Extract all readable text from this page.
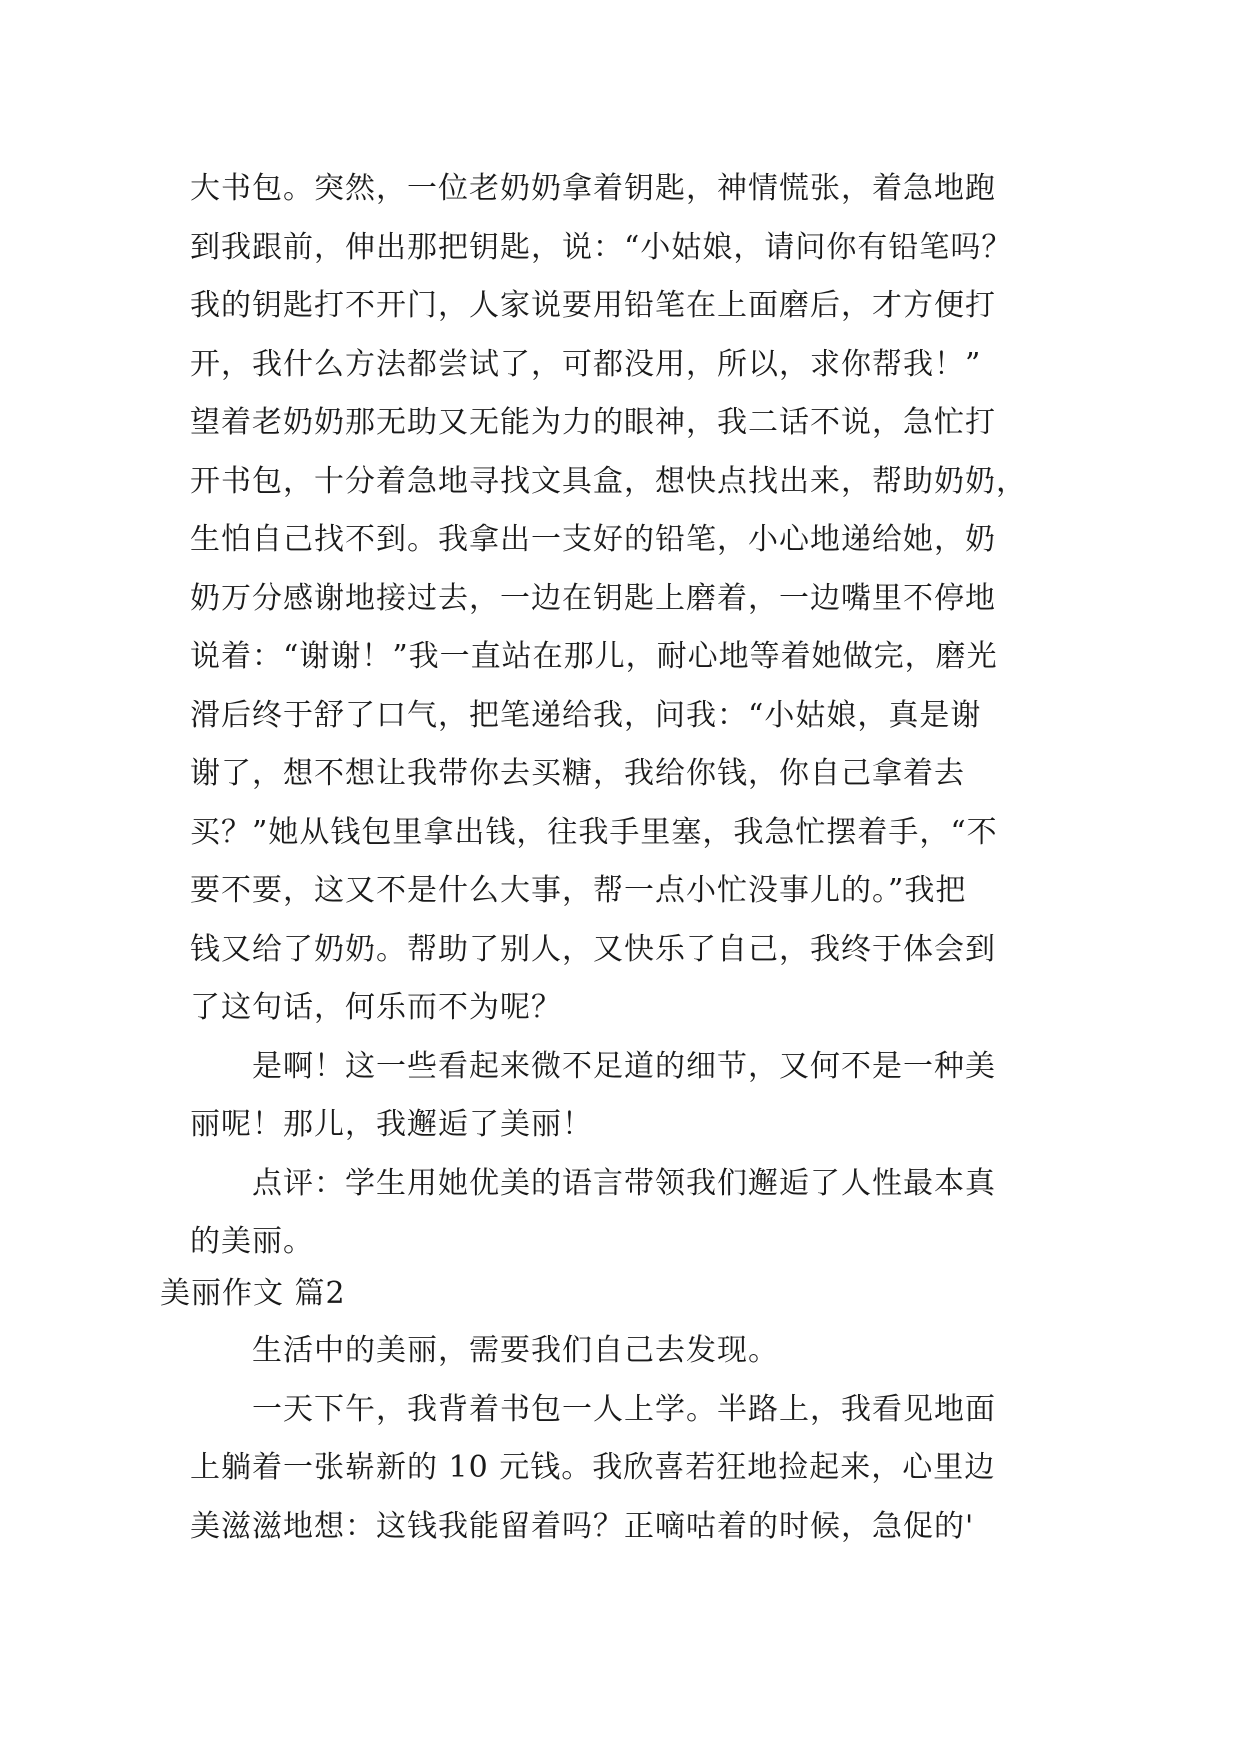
大书包。突然，一位老奶奶拿着钥匙，神情慌张，着急地跑
到我跟前，伸出那把钥匙，说：“小姑娘，请问你有铅笔吗？
我的钥匙打不开门，人家说要用铅笔在上面磨后，才方便打
开，我什么方法都尝试了，可都没用，所以，求你帮我！”
望着老奶奶那无助又无能为力的眼神，我二话不说，急忙打
开书包，十分着急地寻找文具盒，想快点找出来，帮助奶奶，
生怕自己找不到。我拿出一支好的铅笔，小心地递给她，奶
奶万分感谢地接过去，一边在钥匙上磨着，一边嘴里不停地
说着：“谢谢！”我一直站在那儿，耐心地等着她做完，磨光
滑后终于舒了口气，把笔递给我，问我：“小姑娘，真是谢
谢了，想不想让我带你去买糖，我给你钱，你自己拿着去
买？”她从钱包里拿出钱，往我手里塞，我急忙摆着手，“不
要不要，这又不是什么大事，帮一点小忙没事儿的。”我把
钱又给了奶奶。帮助了别人，又快乐了自己，我终于体会到
了这句话，何乐而不为呢？
是啊！这一些看起来微不足道的细节，又何不是一种美
丽呢！那儿，我邂逅了美丽！
点评：学生用她优美的语言带领我们邂逅了人性最本真
的美丽。
美丽作文 篇2
生活中的美丽，需要我们自己去发现。
一天下午，我背着书包一人上学。半路上，我看见地面
上躺着一张崭新的 10 元钱。我欣喜若狂地捡起来，心里边
美滋滋地想：这钱我能留着吗？正嘀咕着的时候，急促的'
